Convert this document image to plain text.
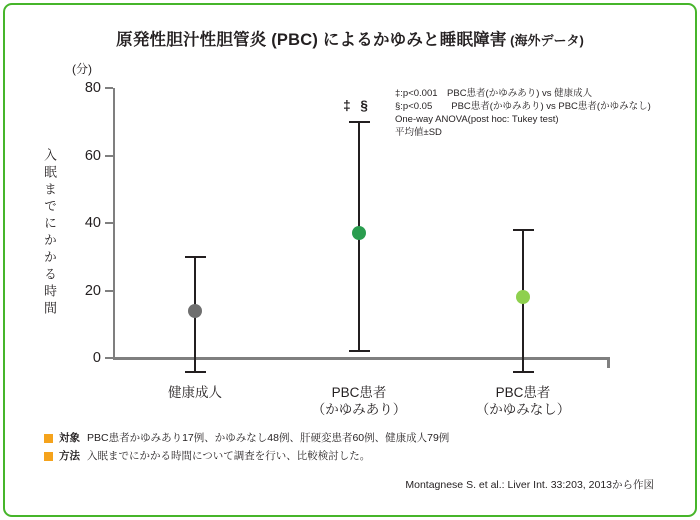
原発性胆汁性胆管炎 (PBC) によるかゆみと睡眠障害 (海外データ)
(分)
入眠までにかかる時間
0
20
40
60
80
健康成人
‡ §
PBC患者
（かゆみあり）
PBC患者
（かゆみなし）
‡:p<0.001　PBC患者(かゆみあり) vs 健康成人
§:p<0.05　　PBC患者(かゆみあり) vs PBC患者(かゆみなし)
One-way ANOVA(post hoc: Tukey test)
平均値±SD
対象 PBC患者かゆみあり17例、かゆみなし48例、肝硬変患者60例、健康成人79例
方法 入眠までにかかる時間について調査を行い、比較検討した。
Montagnese S. et al.: Liver Int. 33:203, 2013から作図
